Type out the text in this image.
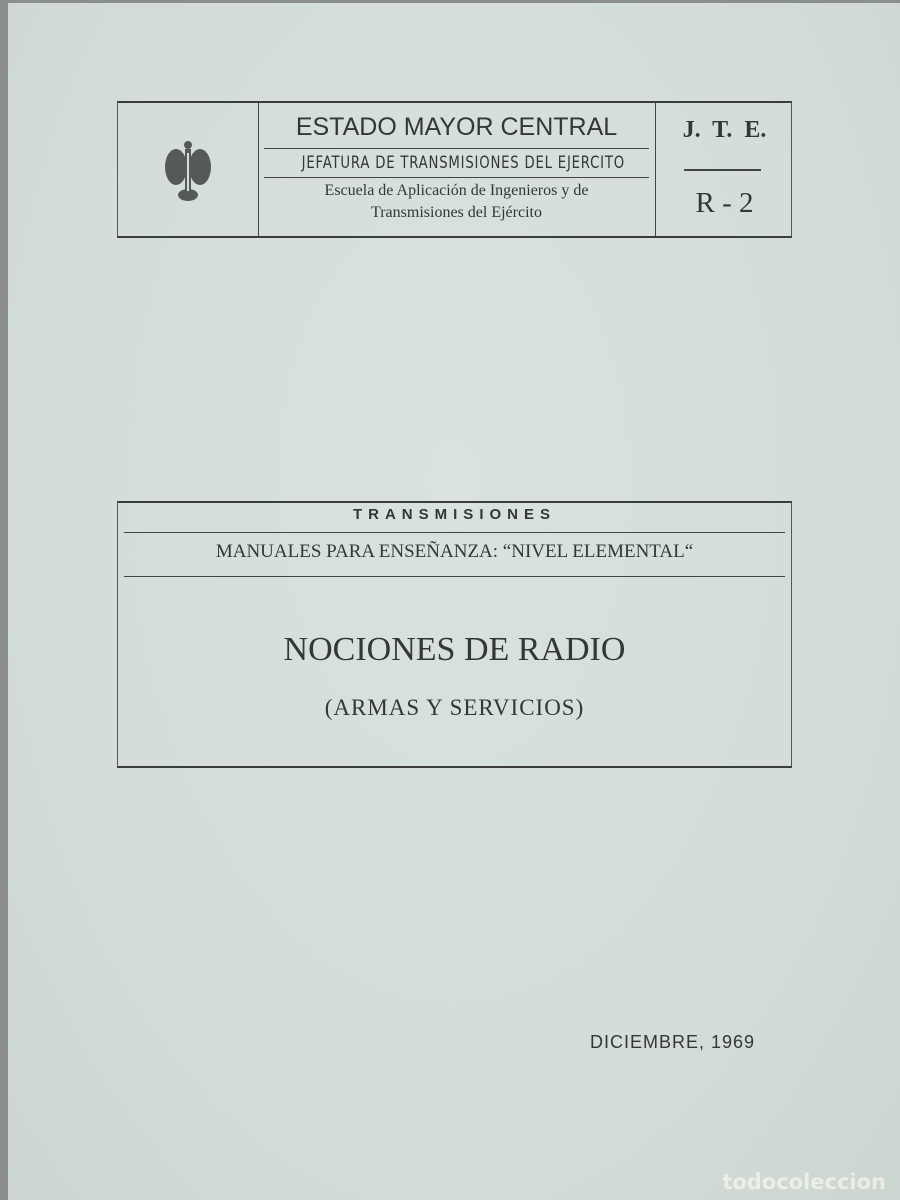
ESTADO MAYOR CENTRAL
JEFATURA DE TRANSMISIONES DEL EJERCITO
Escuela de Aplicación de Ingenieros y de
Transmisiones del Ejército
J. T. E.
R - 2
TRANSMISIONES
MANUALES PARA ENSEÑANZA: “NIVEL ELEMENTAL“
NOCIONES DE RADIO
(ARMAS Y SERVICIOS)
DICIEMBRE, 1969
todocoleccion
